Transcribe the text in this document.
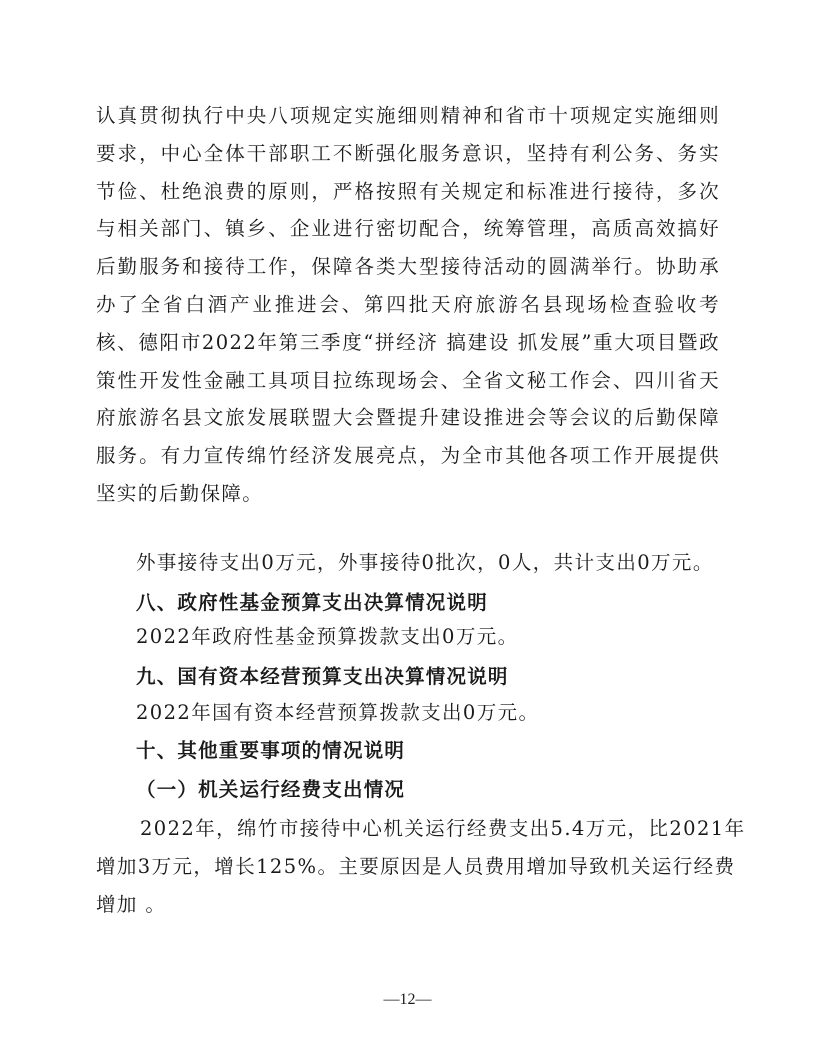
认真贯彻执行中央八项规定实施细则精神和省市十项规定实施细则要求，中心全体干部职工不断强化服务意识，坚持有利公务、务实节俭、杜绝浪费的原则，严格按照有关规定和标准进行接待，多次与相关部门、镇乡、企业进行密切配合，统筹管理，高质高效搞好后勤服务和接待工作，保障各类大型接待活动的圆满举行。协助承办了全省白酒产业推进会、第四批天府旅游名县现场检查验收考核、德阳市2022年第三季度“拼经济 搞建设 抓发展”重大项目暨政策性开发性金融工具项目拉练现场会、全省文秘工作会、四川省天府旅游名县文旅发展联盟大会暨提升建设推进会等会议的后勤保障服务。有力宣传绵竹经济发展亮点，为全市其他各项工作开展提供坚实的后勤保障。

外事接待支出0万元，外事接待0批次，0人，共计支出0万元。

八、政府性基金预算支出决算情况说明

2022年政府性基金预算拨款支出0万元。

九、国有资本经营预算支出决算情况说明

2022年国有资本经营预算拨款支出0万元。

十、其他重要事项的情况说明
（一）机关运行经费支出情况

2022年，绵竹市接待中心机关运行经费支出5.4万元，比2021年

增加3万元，增长125%。主要原因是人员费用增加导致机关运行经费

增加 。

—12—
